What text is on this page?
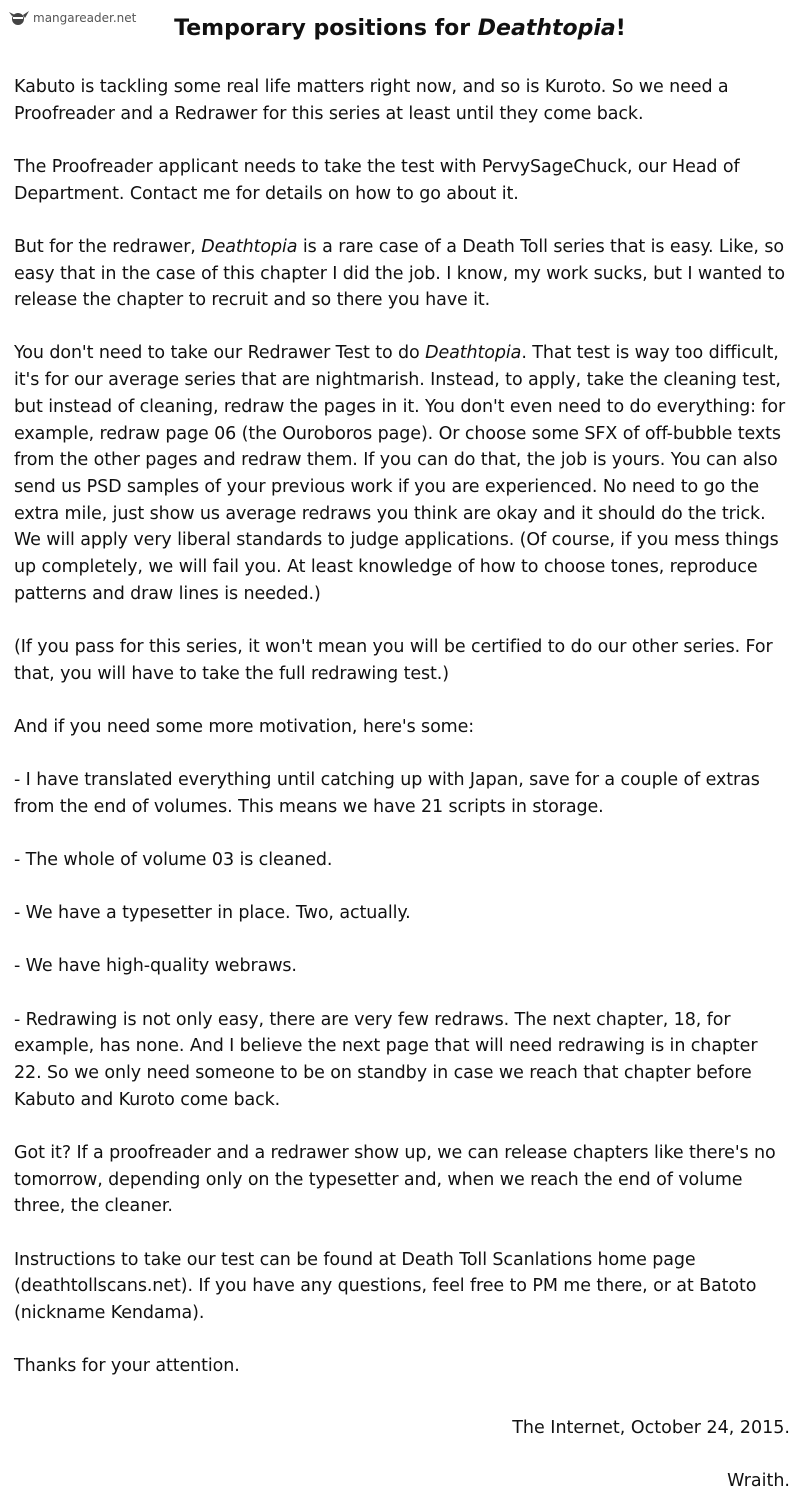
mangareader.net	Temporary positions for Deathtopia!

Kabuto is tackling some real life matters right now, and so is Kuroto. So we need a Proofreader and a Redrawer for this series at least until they come back.

The Proofreader applicant needs to take the test with PervySageChuck, our Head of Department. Contact me for details on how to go about it.

But for the redrawer, Deathtopia is a rare case of a Death Toll series that is easy. Like, so easy that in the case of this chapter I did the job. I know, my work sucks, but I wanted to release the chapter to recruit and so there you have it.

You don't need to take our Redrawer Test to do Deathtopia. That test is way too difficult, it's for our average series that are nightmarish. Instead, to apply, take the cleaning test, but instead of cleaning, redraw the pages in it. You don't even need to do everything: for example, redraw page 06 (the Ouroboros page). Or choose some SFX of off-bubble texts from the other pages and redraw them. If you can do that, the job is yours. You can also send us PSD samples of your previous work if you are experienced. No need to go the extra mile, just show us average redraws you think are okay and it should do the trick. We will apply very liberal standards to judge applications. (Of course, if you mess things up completely, we will fail you. At least knowledge of how to choose tones, reproduce patterns and draw lines is needed.)

(If you pass for this series, it won't mean you will be certified to do our other series. For that, you will have to take the full redrawing test.)

And if you need some more motivation, here's some:

- I have translated everything until catching up with Japan, save for a couple of extras from the end of volumes. This means we have 21 scripts in storage.

- The whole of volume 03 is cleaned.

- We have a typesetter in place. Two, actually.

- We have high-quality webraws.

- Redrawing is not only easy, there are very few redraws. The next chapter, 18, for example, has none. And I believe the next page that will need redrawing is in chapter 22. So we only need someone to be on standby in case we reach that chapter before Kabuto and Kuroto come back.

Got it? If a proofreader and a redrawer show up, we can release chapters like there's no tomorrow, depending only on the typesetter and, when we reach the end of volume three, the cleaner.

Instructions to take our test can be found at Death Toll Scanlations home page (deathtollscans.net). If you have any questions, feel free to PM me there, or at Batoto (nickname Kendama).

Thanks for your attention.

The Internet, October 24, 2015.

Wraith.
